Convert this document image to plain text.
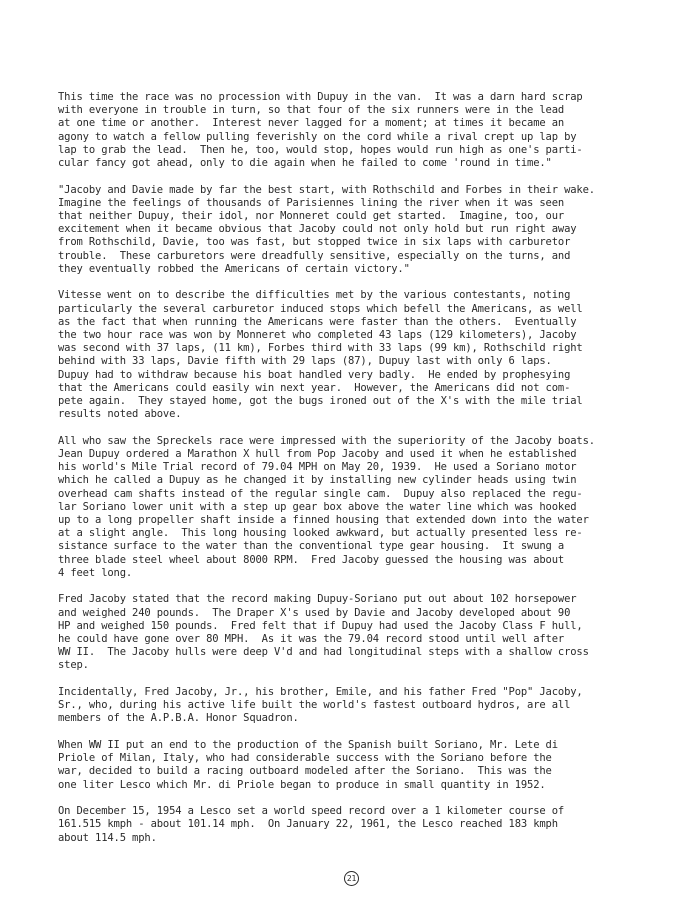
This time the race was no procession with Dupuy in the van.  It was a darn hard scrap
with everyone in trouble in turn, so that four of the six runners were in the lead
at one time or another.  Interest never lagged for a moment; at times it became an
agony to watch a fellow pulling feverishly on the cord while a rival crept up lap by
lap to grab the lead.  Then he, too, would stop, hopes would run high as one's parti-
cular fancy got ahead, only to die again when he failed to come 'round in time."

"Jacoby and Davie made by far the best start, with Rothschild and Forbes in their wake.
Imagine the feelings of thousands of Parisiennes lining the river when it was seen
that neither Dupuy, their idol, nor Monneret could get started.  Imagine, too, our
excitement when it became obvious that Jacoby could not only hold but run right away
from Rothschild, Davie, too was fast, but stopped twice in six laps with carburetor
trouble.  These carburetors were dreadfully sensitive, especially on the turns, and
they eventually robbed the Americans of certain victory."

Vitesse went on to describe the difficulties met by the various contestants, noting
particularly the several carburetor induced stops which befell the Americans, as well
as the fact that when running the Americans were faster than the others.  Eventually
the two hour race was won by Monneret who completed 43 laps (129 kilometers), Jacoby
was second with 37 laps, (11 km), Forbes third with 33 laps (99 km), Rothschild right
behind with 33 laps, Davie fifth with 29 laps (87), Dupuy last with only 6 laps.
Dupuy had to withdraw because his boat handled very badly.  He ended by prophesying
that the Americans could easily win next year.  However, the Americans did not com-
pete again.  They stayed home, got the bugs ironed out of the X's with the mile trial
results noted above.

All who saw the Spreckels race were impressed with the superiority of the Jacoby boats.
Jean Dupuy ordered a Marathon X hull from Pop Jacoby and used it when he established
his world's Mile Trial record of 79.04 MPH on May 20, 1939.  He used a Soriano motor
which he called a Dupuy as he changed it by installing new cylinder heads using twin
overhead cam shafts instead of the regular single cam.  Dupuy also replaced the regu-
lar Soriano lower unit with a step up gear box above the water line which was hooked
up to a long propeller shaft inside a finned housing that extended down into the water
at a slight angle.  This long housing looked awkward, but actually presented less re-
sistance surface to the water than the conventional type gear housing.  It swung a
three blade steel wheel about 8000 RPM.  Fred Jacoby guessed the housing was about
4 feet long.

Fred Jacoby stated that the record making Dupuy-Soriano put out about 102 horsepower
and weighed 240 pounds.  The Draper X's used by Davie and Jacoby developed about 90
HP and weighed 150 pounds.  Fred felt that if Dupuy had used the Jacoby Class F hull,
he could have gone over 80 MPH.  As it was the 79.04 record stood until well after
WW II.  The Jacoby hulls were deep V'd and had longitudinal steps with a shallow cross
step.

Incidentally, Fred Jacoby, Jr., his brother, Emile, and his father Fred "Pop" Jacoby,
Sr., who, during his active life built the world's fastest outboard hydros, are all
members of the A.P.B.A. Honor Squadron.

When WW II put an end to the production of the Spanish built Soriano, Mr. Lete di
Priole of Milan, Italy, who had considerable success with the Soriano before the
war, decided to build a racing outboard modeled after the Soriano.  This was the
one liter Lesco which Mr. di Priole began to produce in small quantity in 1952.

On December 15, 1954 a Lesco set a world speed record over a 1 kilometer course of
161.515 kmph - about 101.14 mph.  On January 22, 1961, the Lesco reached 183 kmph
about 114.5 mph.

21
